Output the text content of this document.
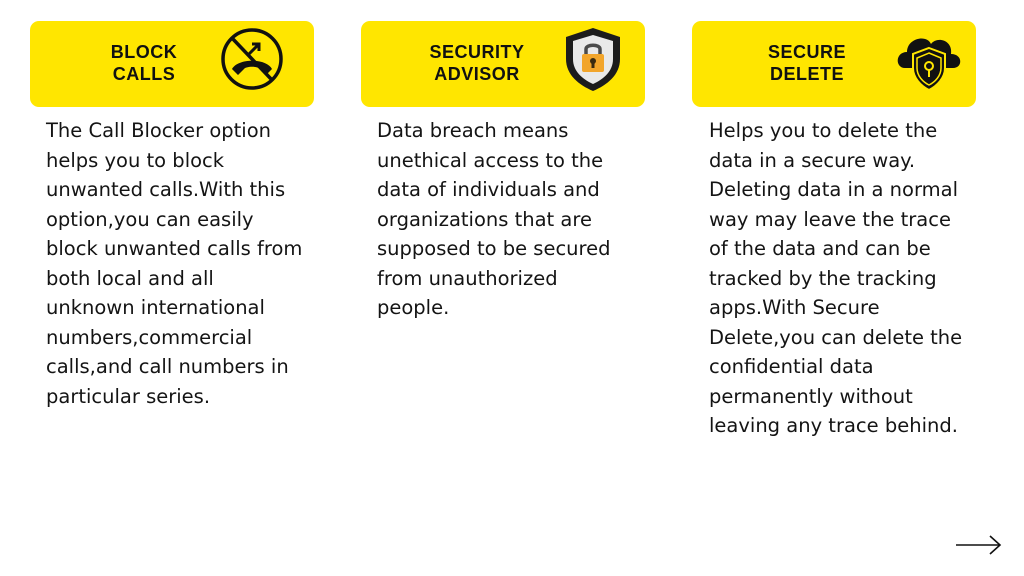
BLOCK
CALLS
The Call Blocker option helps you to block unwanted calls.With this option,you can easily block unwanted calls from both local and all unknown international numbers,commercial calls,and call numbers in particular series.
SECURITY
ADVISOR
Data breach means unethical access to the data of individuals and organizations that are supposed to be secured from unauthorized people.
SECURE
DELETE
Helps you to delete the data in a secure way. Deleting data in a normal way may leave the trace of the data and can be tracked by the tracking apps.With Secure Delete,you can delete the confidential data permanently without leaving any trace behind.
